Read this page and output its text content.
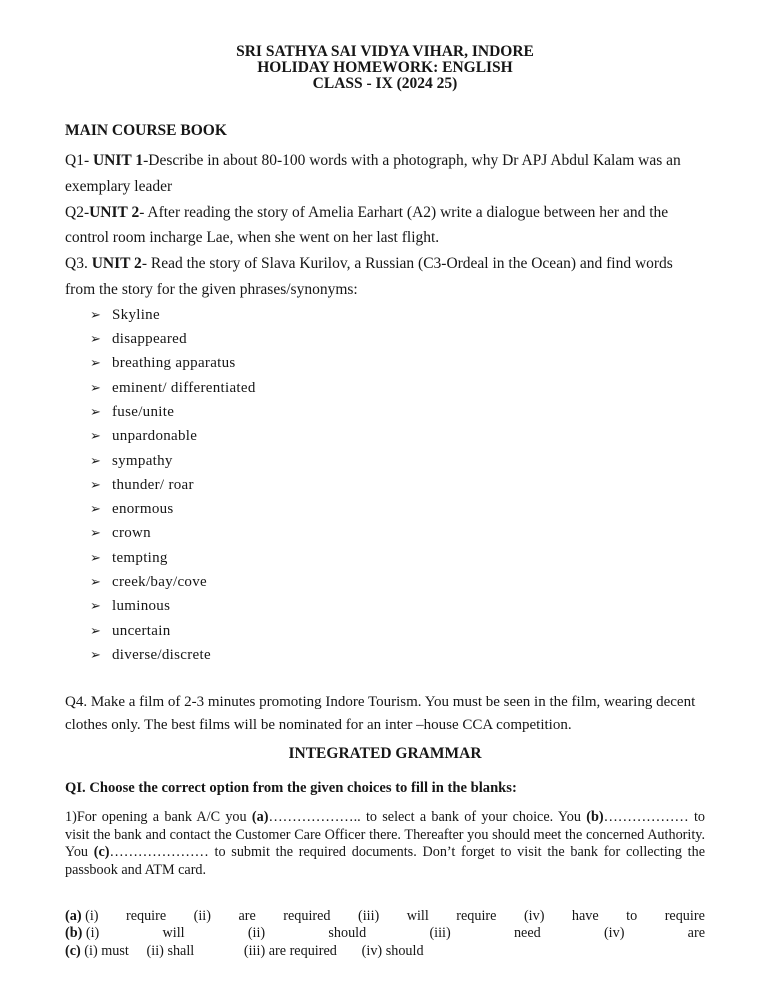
SRI SATHYA SAI VIDYA VIHAR, INDORE
HOLIDAY HOMEWORK: ENGLISH
CLASS - IX (2024 25)
MAIN COURSE BOOK

Q1- UNIT 1-Describe in about 80-100 words with a photograph, why Dr APJ Abdul Kalam was an exemplary leader

Q2-UNIT 2- After reading the story of Amelia Earhart (A2) write a dialogue between her and the control room incharge Lae, when she went on her last flight.

Q3. UNIT 2- Read the story of Slava Kurilov, a Russian (C3-Ordeal in the Ocean) and find words from the story for the given phrases/synonyms:

➢ Skyline
➢ disappeared
➢ breathing apparatus
➢ eminent/ differentiated
➢ fuse/unite
➢ unpardonable
➢ sympathy
➢ thunder/ roar
➢ enormous
➢ crown
➢ tempting
➢ creek/bay/cove
➢ luminous
➢ uncertain
➢ diverse/discrete

Q4. Make a film of 2-3 minutes promoting Indore Tourism. You must be seen in the film, wearing decent clothes only. The best films will be nominated for an inter –house CCA competition.

INTEGRATED GRAMMAR
QI. Choose the correct option from the given choices to fill in the blanks:
1)For opening a bank A/C you (a)……………….. to select a bank of your choice. You (b)……………… to visit the bank and contact the Customer Care Officer there. Thereafter you should meet the concerned Authority. You (c)………………… to submit the required documents. Don’t forget to visit the bank for collecting the passbook and ATM card.
(a) (i) require (ii) are required (iii) will require (iv) have to require
(b) (i)	will	(ii)	should	(iii)	need	(iv)	are
(c) (i) must     (ii) shall              (iii) are required       (iv) should
